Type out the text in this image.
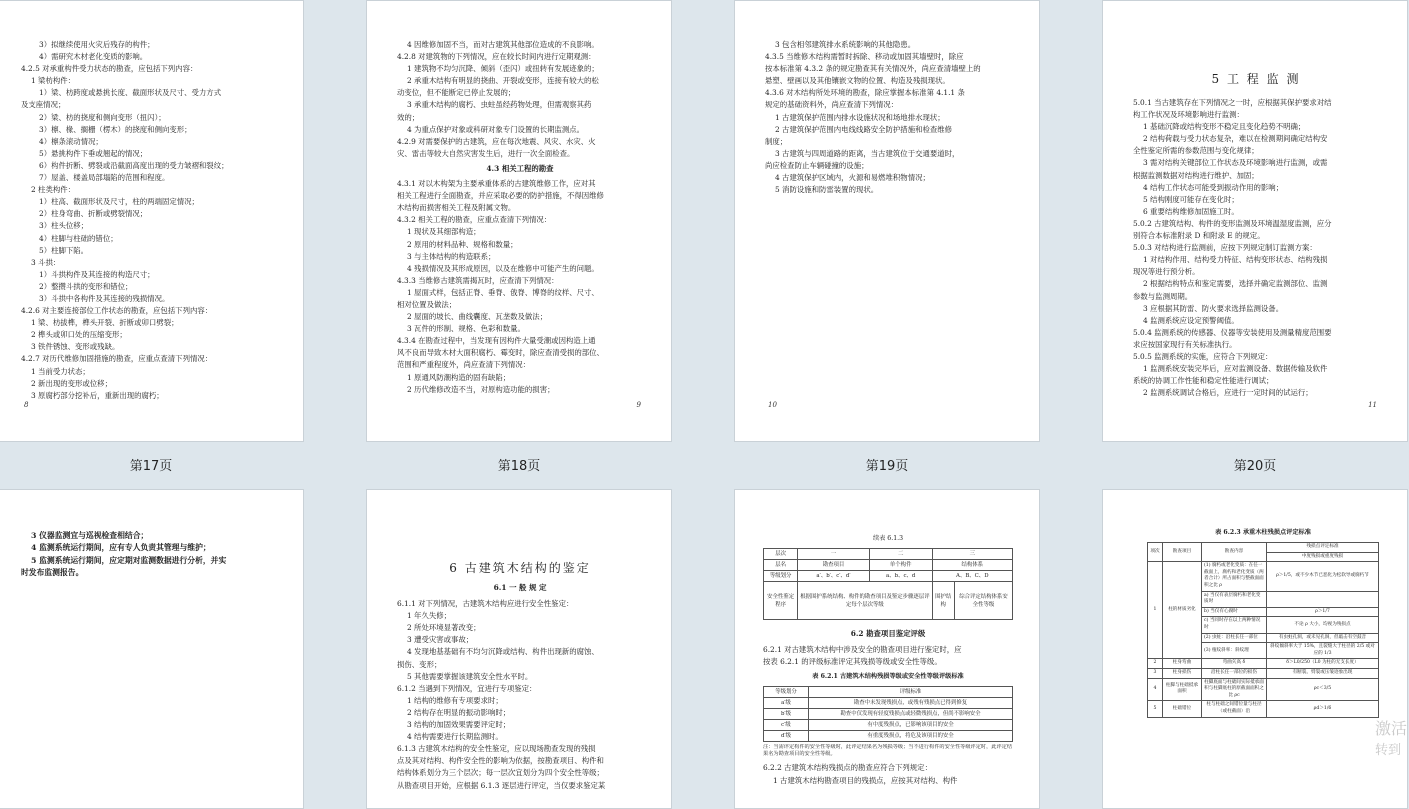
3）拟继续使用火灾后残存的构件；
4）需研究木材老化变质的影响。
4.2.5 对承重构件受力状态的勘查，应包括下列内容：
1 梁枋构件：
1）梁、枋跨度或悬挑长度、截面形状及尺寸、受力方式
及支座情况；
2）梁、枋的挠度和侧向变形（扭闪）；
3）檩、椽、搁栅（楞木）的挠度和侧向变形；
4）檩条滚动情况；
5）悬挑构件下垂或翘起的情况；
6）构件折断、劈裂或沿截面高度出现的受力皱褶和裂纹；
7）屋盖、楼盖局部塌陷的范围和程度。
2 柱类构件：
1）柱高、截面形状及尺寸，柱的两端固定情况；
2）柱身弯曲、折断或劈裂情况；
3）柱头位移；
4）柱脚与柱础的错位；
5）柱脚下陷。
3 斗拱：
1）斗拱构件及其连接的构造尺寸；
2）整攒斗拱的变形和错位；
3）斗拱中各构件及其连接的残损情况。
4.2.6 对主要连接部位工作状态的勘查，应包括下列内容：
1 梁、枋拔榫，榫头开裂、折断或卯口劈裂；
2 榫头或卯口处的压缩变形；
3 铁件锈蚀、变形或残缺。
4.2.7 对历代维修加固措施的勘查，应重点查清下列情况：
1 当前受力状态；
2 新出现的变形或位移；
3 原腐朽部分挖补后，重新出现的腐朽；
8
4 因维修加固不当，而对古建筑其他部位造成的不良影响。
4.2.8 对建筑物的下列情况，应在较长时间内进行定期观测：
1 建筑物不均匀沉降、倾斜（歪闪）或扭转有发展迹象的；
2 承重木结构有明显的挠曲、开裂或变形，连接有较大的松
动变位，但不能断定已停止发展的；
3 承重木结构的腐朽、虫蛀虽经药物处理，但需观察其药
效的；
4 为重点保护对象或科研对象专门设置的长期监测点。
4.2.9 对需要保护的古建筑，应在每次地震、风灾、水灾、火
灾、雷击等较大自然灾害发生后，进行一次全面检查。
4.3 相关工程的勘查
4.3.1 对以木构架为主要承重体系的古建筑维修工作，应对其
相关工程进行全面勘查，并应采取必要的防护措施，不得因维修
木结构而损害相关工程及附属文物。
4.3.2 相关工程的勘查，应重点查清下列情况：
1 现状及其细部构造；
2 原用的材料品种、规格和数量；
3 与主体结构的构造联系；
4 残损情况及其形成原因，以及在维修中可能产生的问题。
4.3.3 当维修古建筑需揭瓦时，应查清下列情况：
1 屋面式样，包括正脊、垂脊、戗脊、博脊的纹样、尺寸、
相对位置及做法；
2 屋面的坡长、曲线囊度、瓦垄数及做法；
3 瓦件的形制、规格、色彩和数量。
4.3.4 在勘查过程中，当发现有因构件大量受潮或因构造上通
风不良而导致木材大面积腐朽、霉变时，除应查清受损的部位、
范围和严重程度外，尚应查清下列情况：
1 原通风防潮构造的固有缺陷；
2 历代维修改造不当，对原构造功能的损害；
9
3 包含相邻建筑排水系统影响的其他隐患。
4.3.5 当维修木结构需暂时拆除、移动或加固其墙壁时，除应
按本标准第 4.3.2 条的规定勘查其有关情况外，尚应查清墙壁上的
悬塑、壁画以及其他镶嵌文物的位置、构造及残损现状。
4.3.6 对木结构所处环境的勘查，除应掌握本标准第 4.1.1 条
规定的基础资料外，尚应查清下列情况：
1 古建筑保护范围内排水设施状况和场地排水现状；
2 古建筑保护范围内电线线路安全防护措施和检查维修
制度；
3 古建筑与四周道路的距离，当古建筑位于交通要道时，
尚应检查防止车辆碰撞的设施；
4 古建筑保护区域内，火源和易燃堆积物情况；
5 消防设施和防雷装置的现状。
10
5 工 程 监 测
5.0.1 当古建筑存在下列情况之一时，应根据其保护要求对结
构工作状况及环境影响进行监测：
1 基础沉降或结构变形不稳定且变化趋势不明确；
2 结构荷载与受力状态复杂，难以在检测期间确定结构安
全性鉴定所需的参数范围与变化规律；
3 需对结构关键部位工作状态及环境影响进行监测，或需
根据监测数据对结构进行维护、加固；
4 结构工作状态可能受到振动作用的影响；
5 结构刚度可能存在变化时；
6 重要结构维修加固施工时。
5.0.2 古建筑结构、构件的变形监测及环境温湿度监测，应分
别符合本标准附录 D 和附录 E 的规定。
5.0.3 对结构进行监测前，应按下列规定制订监测方案：
1 对结构作用、结构受力特征、结构变形状态、结构残损
现况等进行预分析。
2 根据结构特点和鉴定需要，选择并确定监测部位、监测
参数与监测周期。
3 应根据其防雷、防火要求选择监测设备。
4 监测系统应设定预警阈值。
5.0.4 监测系统的传感器、仪器等安装使用及测量精度范围要
求应按国家现行有关标准执行。
5.0.5 监测系统的实施，应符合下列规定：
1 监测系统安装完毕后，应对监测设备、数据传输及软件
系统的协调工作性能和稳定性能进行调试；
2 监测系统调试合格后，应进行一定时间的试运行；
11
第17页	第18页	第19页	第20页
3 仪器监测宜与巡视检查相结合；
4 监测系统运行期间，应有专人负责其管理与维护；
5 监测系统运行期间，应定期对监测数据进行分析，并实
时发布监测报告。	6 古建筑木结构的鉴定
6.1 一 般 规 定
6.1.1 对下列情况，古建筑木结构应进行安全性鉴定：
1 年久失修；
2 所处环境显著改变；
3 遭受灾害或事故；
4 发现地基基础有不均匀沉降或结构、构件出现新的腐蚀、
损伤、变形；
5 其他需要掌握该建筑安全性水平时。
6.1.2 当遇到下列情况，宜进行专项鉴定：
1 结构的维修有专项要求时；
2 结构存在明显的振动影响时；
3 结构的加固效果需要评定时；
4 结构需要进行长期监测时。
6.1.3 古建筑木结构的安全性鉴定，应以现场勘查发现的残损
点及其对结构、构件安全性的影响为依据，按勘查项目、构件和
结构体系划分为三个层次；每一层次宜划分为四个安全性等级；
从勘查项目开始，应根据 6.1.3 逐层进行评定，当仅要求鉴定某
续表 6.1.3
层次	一	二	三	
层名	勘查项目	单个构件	结构体系	
等级划分	a′、b′、c′、d′	a、b、c、d	A、B、C、D	
安全性鉴定程序	根据围护系统结构、构件的勘查项目及鉴定步骤逐层评定每个层次等级		围护结构	综合评定结构体系安全性等级
6.2 勘查项目鉴定评级
6.2.1 对古建筑木结构中涉及安全的勘查项目进行鉴定时，应
按表 6.2.1 的评级标准评定其残损等级或安全性等级。
表 6.2.1 古建筑木结构残损等级或安全性等级评级标准
等级划分	评级标准
a′级	勘查中未发现残损点，或残有残损点已得到修复
b′级	勘查中仅发现有轻度残损点或轻微残损点，但尚不影响安全
c′级	有中度残损点，已影响该项目的安全
d′级	有重度残损点，将危及该项目的安全
注：当需评定构件的安全性等级时，此评定结果名为残损等级；当不进行构件的安全性等级评定时，此评定结果名为勘查项目的安全性等级。
6.2.2 古建筑木结构残损点的勘查应符合下列规定：
1 古建筑木结构勘查项目的残损点，应按其对结构、构件
表 6.2.3 承重木柱残损点评定标准
项次	勘查项目	勘查内容	残损点评定标准
			中度残损或重度残损
1	柱的材质劣化	(1) 腐朽或老化变质：在任一截面上，腐朽和老化变质（两者合计）所占面积与整截面面积之比 ρ	ρ＞1/5，或不少木节已恶化为松软导或腐朽节
		a) 当仅有表层腐朽和老化变质时	
		b) 当仅有心腐时	ρ＞1/7
		c) 当同时存在以上两种情况时	不论 ρ 大小，均视为残损点
		(2) 虫蛀：沿柱长任一部位	有虫蛀孔洞，或未见孔洞，但敲击有空鼓音
		(3) 植纹斜率：斜纹理	斜纹倾斜率大于 15%，且裂缝大于柱径的 2/5 或对应的 1/3
2	柱身弯曲	弯曲矢高 δ	δ＞L0/250（L0 为柱的无支长度）
3	柱身损伤	沿柱长任一部位的损伤	有断裂、劈裂或压皱迹象出现
4	柱脚与柱础抵承面积	柱脚底面与柱础间实际抵承面积与柱脚底柱的原截面面积之比 ρc	ρc＜3/5
5	柱础错位	柱与柱础之间错位量与柱径（或柱截面）沿	ρd＞1/6
激活
转到
